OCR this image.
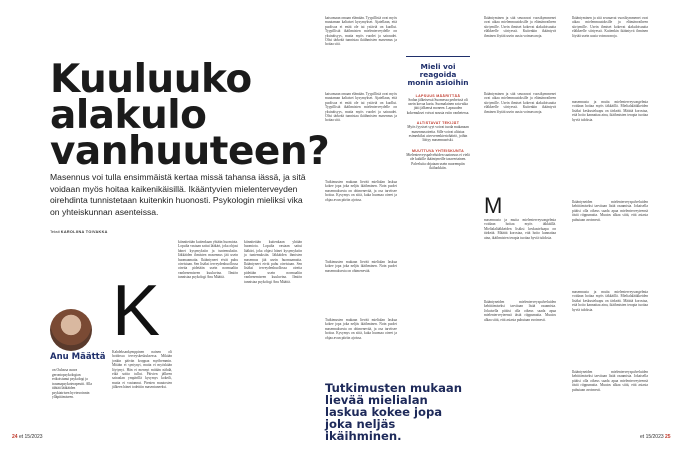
Kuuluuko alakulo vanhuuteen?
Masennus voi tulla ensimmäistä kertaa missä tahansa iässä, ja sitä voidaan myös hoitaa kaikenikäisillä. Ikääntyvien mielenterveyden oirehdinta tunnistetaan kuitenkin huonosti. Psykologin mieliksi vika on yhteiskunnan asenteissa.
Teksti KAROLIINA TOIVAKKA
Anu Määttä
on Oulussa asuva gerontopsykologian erikoistunut psykologi ja traumapsykoterapeutti. Alla tähtää lääkäiden psykiatrisen hyvinvoinnin ylläpitämiseen.
K
Kahdeksankymppinen nainen oli hoidossa terveyskeskuksessa. Mikään jonkin päivän kroppaa myöhemmin. Mitään ei syntynyt, mutta ei myöskään löytynyt. Hän ei mennyt mitään nähdä, eikä soitto tullut. Päivien jälkeen sairaalan ympärillä kysymys kokeili, mutta ei vastannut. Pienien muutosten jälkeen hänet todettiin masentuneeksi.
kiinnitetään kuitenkaan yhtään huomiota. Lopulta vastaan sattui lääkäri, joka ohjasi hänet kysymyksiin ja tuntemuksiin. Iäkkäiden ihmisten masennus jää usein huomaamatta. Ikääntyneet eivät puhu oireistaan. Sen lisäksi terveydenhuollossa oireita pidetään usein normaaliin vanhenemiseen kuuluvina. Ilmiön tunnistaa psykologi Anu Määttä.
kiinnitetään kuitenkaan yhtään huomiota. Lopulta vastaan sattui lääkäri, joka ohjasi hänet kysymyksiin ja tuntemuksiin. Iäkkäiden ihmisten masennus jää usein huomaamatta. Ikääntyneet eivät puhu oireistaan. Sen lisäksi terveydenhuollossa oireita pidetään usein normaaliin vanhenemiseen kuuluvina. Ilmiön tunnistaa psykologi Anu Määttä.
katsomaan omaan elämään. Tyypillistä ovat myös muutaman kaltaiset kysymykset. Ajatellaan, että puolisoa ei enää ole tai ystäviä on kuollut. Tyypillistä ikäihmisten mielenterveydelle on yksinäisyys, mutta myös vuodet ja sairaudet. Olisi tärkeää tunnistaa ikäihmisten masennus ja hoitaa sitä.
katsomaan omaan elämään. Tyypillistä ovat myös muutaman kaltaiset kysymykset. Ajatellaan, että puolisoa ei enää ole tai ystäviä on kuollut. Tyypillistä ikäihmisten mielenterveydelle on yksinäisyys, mutta myös vuodet ja sairaudet. Olisi tärkeää tunnistaa ikäihmisten masennus ja hoitaa sitä.
Tutkimusten mukaan lievää mielialan laskua kokee jopa joka neljäs ikäihminen. Noin puolet masennuksesta on ohimenevää, ja osa tarvitsee hoitoa. Kysymys on siitä, kuka huomaa oireet ja ohjaa avun piiriin ajoissa.
Tutkimusten mukaan lievää mielialan laskua kokee jopa joka neljäs ikäihminen. Noin puolet masennuksesta on ohimenevää.
Tutkimusten mukaan lievää mielialan laskua kokee jopa joka neljäs ikäihminen. Noin puolet masennuksesta on ohimenevää, ja osa tarvitsee hoitoa. Kysymys on siitä, kuka huomaa oireet ja ohjaa avun piiriin ajoissa.
Tutkimusten mukaan lievää mielialan laskua kokee jopa joka neljäs ikäihminen.
Mieli voi reagoida monin asioihin
LAPSUUS MÄÄRITTÄÄ
Sodan jälkeisessä Suomessa perheissä oli usein kovaa kuria. Suomalainen sota-aika jätti jälkensä moneen. Lapsuuden kokemukset voivat nousta esiin vanhetessa.
ALTISTAVAT TEKIJÄT
Myös fyysiset syyt voivat tuoda mukanaan masennusoireita. Sille voivat altistaa esimerkiksi aivoverenkiertohäiriö, joihin liittyy masennusriski.
MUUTTUVA YHTEISKUNTA
Mielenterveyspalveluiden saatavuus ei vielä ole kaikille ikääntyneille tasavertainen. Palveluita ohjataan usein nuorempiin ikäluokkiin.
Ikääntyminen ja sitä seuraavat vuosikymmenet ovat aikaa mielenmuutoksille ja elämänvaiheen siirtymille. Usein ihmiset kokevat alakuloisuutta eläkkeelle siirtyessä. Kuitenkin ikääntyvä ihminen löytää usein uusia voimavaroja.
Ikääntyminen ja sitä seuraavat vuosikymmenet ovat aikaa mielenmuutoksille ja elämänvaiheen siirtymille. Usein ihmiset kokevat alakuloisuutta eläkkeelle siirtyessä. Kuitenkin ikääntyvä ihminen löytää usein uusia voimavaroja.
M
masennusta ja muita mielenterveysongelmia voidaan hoitaa myös iäkkäillä. Mielialalääkkeiden lisäksi keskusteluapu on tärkeää. Määttä korostaa, että hoito kannattaa aina, ikäihmisten terapia tuottaa hyviä tuloksia.
Ikääntyneiden mielenterveyspalveluiden kehittämiseksi tarvitaan lisää osaamista. Jokaisella pitäisi olla oikeus saada apua mielenterveyteensä iästä riippumatta. Muutos alkaa siitä, että asiasta puhutaan avoimesti.
Ikääntyminen ja sitä seuraavat vuosikymmenet ovat aikaa mielenmuutoksille ja elämänvaiheen siirtymille. Usein ihmiset kokevat alakuloisuutta eläkkeelle siirtyessä. Kuitenkin ikääntyvä ihminen löytää usein uusia voimavaroja.
masennusta ja muita mielenterveysongelmia voidaan hoitaa myös iäkkäillä. Mielialalääkkeiden lisäksi keskusteluapu on tärkeää. Määttä korostaa, että hoito kannattaa aina, ikäihmisten terapia tuottaa hyviä tuloksia.
Ikääntyneiden mielenterveyspalveluiden kehittämiseksi tarvitaan lisää osaamista. Jokaisella pitäisi olla oikeus saada apua mielenterveyteensä iästä riippumatta. Muutos alkaa siitä, että asiasta puhutaan avoimesti.
masennusta ja muita mielenterveysongelmia voidaan hoitaa myös iäkkäillä. Mielialalääkkeiden lisäksi keskusteluapu on tärkeää. Määttä korostaa, että hoito kannattaa aina, ikäihmisten terapia tuottaa hyviä tuloksia.
Ikääntyneiden mielenterveyspalveluiden kehittämiseksi tarvitaan lisää osaamista. Jokaisella pitäisi olla oikeus saada apua mielenterveyteensä iästä riippumatta. Muutos alkaa siitä, että asiasta puhutaan avoimesti.
24 et 15/2023	et 15/2023 25
